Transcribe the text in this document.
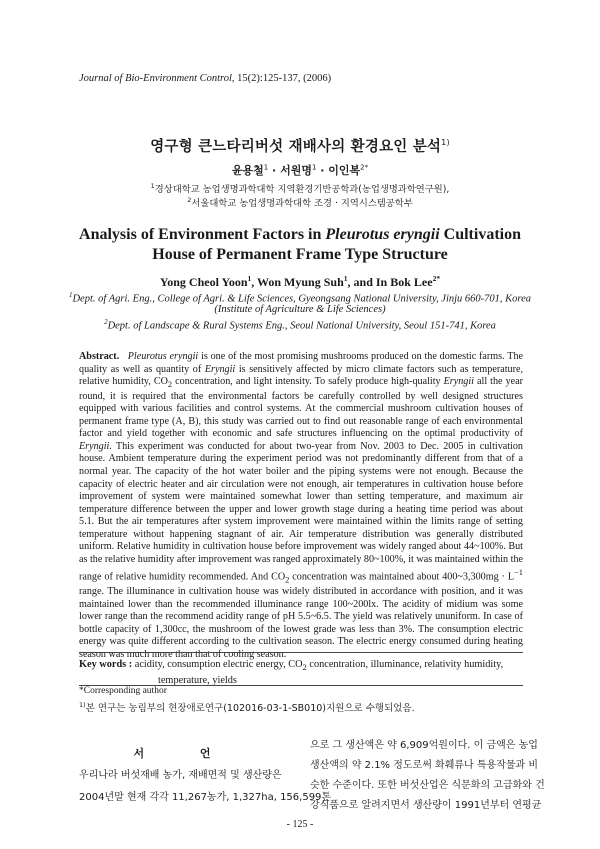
Journal of Bio-Environment Control, 15(2):125-137, (2006)
영구형 큰느타리버섯 재배사의 환경요인 분석$^{1)}$
윤용철$^1$ · 서원명$^1$ · 이인복$^{2*}$
$^1$경상대학교 농업생명과학대학 지역환경기반공학과(농업생명과학연구원),
$^2$서울대학교 농업생명과학대학 조경 · 지역시스템공학부
Analysis of Environment Factors in Pleurotus eryngii Cultivation
House of Permanent Frame Type Structure
Yong Cheol Yoon$^1$, Won Myung Suh$^1$, and In Bok Lee$^{2*}$
$^1$Dept. of Agri. Eng., College of Agri. & Life Sciences, Gyeongsang National University, Jinju 660-701, Korea
(Institute of Agriculture & Life Sciences)
$^2$Dept. of Landscape & Rural Systems Eng., Seoul National University, Seoul 151-741, Korea
Abstract. Pleurotus eryngii is one of the most promising mushrooms produced on the domestic farms. The quality as well as quantity of Eryngii is sensitively affected by micro climate factors such as temperature, relative humidity, $CO_2$ concentration, and light intensity. To safely produce high-quality Eryngii all the year round, it is required that the environmental factors be carefully controlled by well designed structures equipped with various facilities and control systems. At the commercial mushroom cultivation houses of permanent frame type (A, B), this study was carried out to find out reasonable range of each environmental factor and yield together with economic and safe structures influencing on the optimal productivity of Eryngii. This experiment was conducted for about two-year from Nov. 2003 to Dec. 2005 in cultivation house. Ambient temperature during the experiment period was not predominantly different from that of a normal year. The capacity of the hot water boiler and the piping systems were not enough. Because the capacity of electric heater and air circulation were not enough, air temperatures in cultivation house before improvement of system were maintained somewhat lower than setting temperature, and maximum air temperature difference between the upper and lower growth stage during a heating time period was about 5.1. But the air temperatures after system improvement were maintained within the limits range of setting temperature without happening stagnant of air. Air temperature distribution was generally distributed uniform. Relative humidity in cultivation house before improvement was widely ranged about 44~100%. But as the relative humidity after improvement was ranged approximately 80~100%, it was maintained within the range of relative humidity recommended. And $CO_2$ concentration was maintained about 400~3,300mg · $L^{-1}$ range. The illuminance in cultivation house was widely distributed in accordance with position, and it was maintained lower than the recommended illuminance range 100~200lx. The acidity of midium was some lower range than the recommend acidity range of pH 5.5~6.5. The yield was relatively ununiform. In case of bottle capacity of 1,300cc, the mushroom of the lowest grade was less than 3%. The consumption electric energy was quite different according to the cultivation season. The electric energy consumed during heating season was much more than that of cooling season.
Key words : acidity, consumption electric energy, $CO_2$ concentration, illuminance, relativity humidity,
temperature, yields
*Corresponding author
$^{1)}$본 연구는 농림부의 현장애로연구(102016-03-1-SB010)지원으로 수행되었음.
서 언

우리나라 버섯재배 농가, 재배면적 및 생산량은

2004년말 현재 각각 11,267농가, 1,327ha, 156,599톤

으로 그 생산액은 약 6,909억원이다. 이 금액은 농업

생산액의 약 2.1% 정도로써 화훼류나 특용작물과 비

슷한 수준이다. 또한 버섯산업은 식문화의 고급화와 건

강식품으로 알려지면서 생산량이 1991년부터 연평균

- 125 -
